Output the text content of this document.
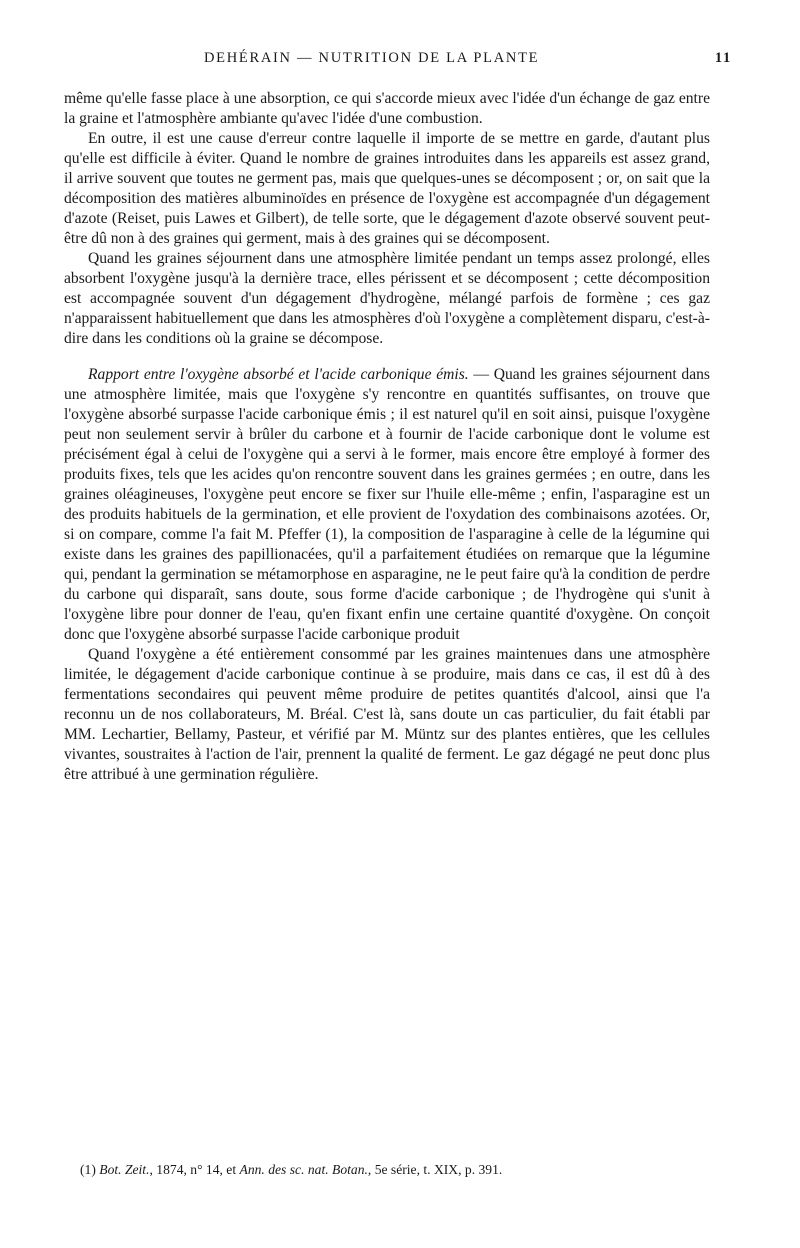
DEHÉRAIN — NUTRITION DE LA PLANTE	11

même qu'elle fasse place à une absorption, ce qui s'accorde mieux avec l'idée d'un échange de gaz entre la graine et l'atmosphère ambiante qu'avec l'idée d'une combustion.

En outre, il est une cause d'erreur contre laquelle il importe de se mettre en garde, d'autant plus qu'elle est difficile à éviter. Quand le nombre de graines introduites dans les appareils est assez grand, il arrive souvent que toutes ne germent pas, mais que quelques-unes se décomposent ; or, on sait que la décomposition des matières albuminoïdes en présence de l'oxygène est accompagnée d'un dégagement d'azote (Reiset, puis Lawes et Gilbert), de telle sorte, que le dégagement d'azote observé souvent peut-être dû non à des graines qui germent, mais à des graines qui se décomposent.

Quand les graines séjournent dans une atmosphère limitée pendant un temps assez prolongé, elles absorbent l'oxygène jusqu'à la dernière trace, elles périssent et se décomposent ; cette décomposition est accompagnée souvent d'un dégagement d'hydrogène, mélangé parfois de formène ; ces gaz n'apparaissent habituellement que dans les atmosphères d'où l'oxygène a complètement disparu, c'est-à-dire dans les conditions où la graine se décompose.

Rapport entre l'oxygène absorbé et l'acide carbonique émis. — Quand les graines séjournent dans une atmosphère limitée, mais que l'oxygène s'y rencontre en quantités suffisantes, on trouve que l'oxygène absorbé surpasse l'acide carbonique émis ; il est naturel qu'il en soit ainsi, puisque l'oxygène peut non seulement servir à brûler du carbone et à fournir de l'acide carbonique dont le volume est précisément égal à celui de l'oxygène qui a servi à le former, mais encore être employé à former des produits fixes, tels que les acides qu'on rencontre souvent dans les graines germées ; en outre, dans les graines oléagineuses, l'oxygène peut encore se fixer sur l'huile elle-même ; enfin, l'asparagine est un des produits habituels de la germination, et elle provient de l'oxydation des combinaisons azotées. Or, si on compare, comme l'a fait M. Pfeffer (1), la composition de l'asparagine à celle de la légumine qui existe dans les graines des papillionacées, qu'il a parfaitement étudiées on remarque que la légumine qui, pendant la germination se métamorphose en asparagine, ne le peut faire qu'à la condition de perdre du carbone qui disparaît, sans doute, sous forme d'acide carbonique ; de l'hydrogène qui s'unit à l'oxygène libre pour donner de l'eau, qu'en fixant enfin une certaine quantité d'oxygène. On conçoit donc que l'oxygène absorbé surpasse l'acide carbonique produit

Quand l'oxygène a été entièrement consommé par les graines maintenues dans une atmosphère limitée, le dégagement d'acide carbonique continue à se produire, mais dans ce cas, il est dû à des fermentations secondaires qui peuvent même produire de petites quantités d'alcool, ainsi que l'a reconnu un de nos collaborateurs, M. Bréal. C'est là, sans doute un cas particulier, du fait établi par MM. Lechartier, Bellamy, Pasteur, et vérifié par M. Müntz sur des plantes entières, que les cellules vivantes, soustraites à l'action de l'air, prennent la qualité de ferment. Le gaz dégagé ne peut donc plus être attribué à une germination régulière.

(1) Bot. Zeit., 1874, n° 14, et Ann. des sc. nat. Botan., 5e série, t. XIX, p. 391.
